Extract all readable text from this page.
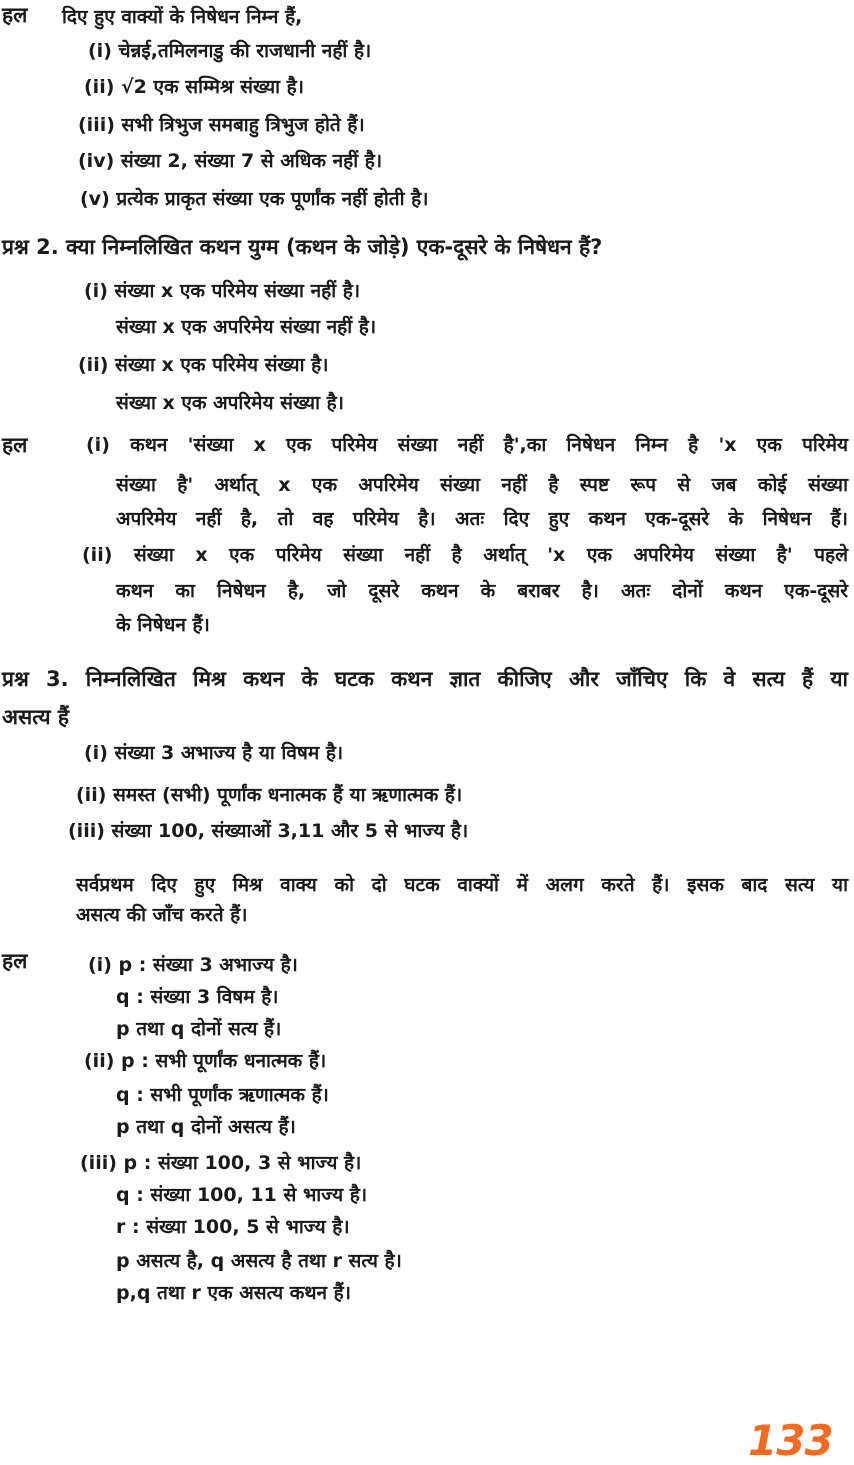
हल दिए हुए वाक्यों के निषेधन निम्न हैं,
(i) चेन्नई,तमिलनाडु की राजधानी नहीं है।
(ii) √2 एक सम्मिश्र संख्या है।
(iii) सभी त्रिभुज समबाहु त्रिभुज होते हैं।
(iv) संख्या 2, संख्या 7 से अधिक नहीं है।
(v) प्रत्येक प्राकृत संख्या एक पूर्णांक नहीं होती है।
प्रश्न 2. क्या निम्नलिखित कथन युग्म (कथन के जोड़े) एक-दूसरे के निषेधन हैं?
(i) संख्या x एक परिमेय संख्या नहीं है।
संख्या x एक अपरिमेय संख्या नहीं है।
(ii) संख्या x एक परिमेय संख्या है।
संख्या x एक अपरिमेय संख्या है।
हल	(i) कथन 'संख्या x एक परिमेय संख्या नहीं है',का निषेधन निम्न है 'x एक परिमेय
संख्या है' अर्थात् x एक अपरिमेय संख्या नहीं है स्पष्ट रूप से जब कोई संख्या
अपरिमेय नहीं है, तो वह परिमेय है। अतः दिए हुए कथन एक-दूसरे के निषेधन हैं।
(ii) संख्या x एक परिमेय संख्या नहीं है अर्थात् 'x एक अपरिमेय संख्या है' पहले
कथन का निषेधन है, जो दूसरे कथन के बराबर है। अतः दोनों कथन एक-दूसरे
के निषेधन हैं।
प्रश्न 3. निम्नलिखित मिश्र कथन के घटक कथन ज्ञात कीजिए और जाँचिए कि वे सत्य हैं या
असत्य हैं
(i) संख्या 3 अभाज्य है या विषम है।
(ii) समस्त (सभी) पूर्णांक धनात्मक हैं या ऋणात्मक हैं।
(iii) संख्या 100, संख्याओं 3,11 और 5 से भाज्य है।
सर्वप्रथम दिए हुए मिश्र वाक्य को दो घटक वाक्यों में अलग करते हैं। इसक बाद सत्य या
असत्य की जाँच करते हैं।
हल	(i) p : संख्या 3 अभाज्य है।
q : संख्या 3 विषम है।
p तथा q दोनों सत्य हैं।
(ii) p : सभी पूर्णांक धनात्मक हैं।
q : सभी पूर्णांक ऋणात्मक हैं।
p तथा q दोनों असत्य हैं।
(iii) p : संख्या 100, 3 से भाज्य है।
q : संख्या 100, 11 से भाज्य है।
r : संख्या 100, 5 से भाज्य है।
p असत्य है, q असत्य है तथा r सत्य है।
p,q तथा r एक असत्य कथन हैं।
133
